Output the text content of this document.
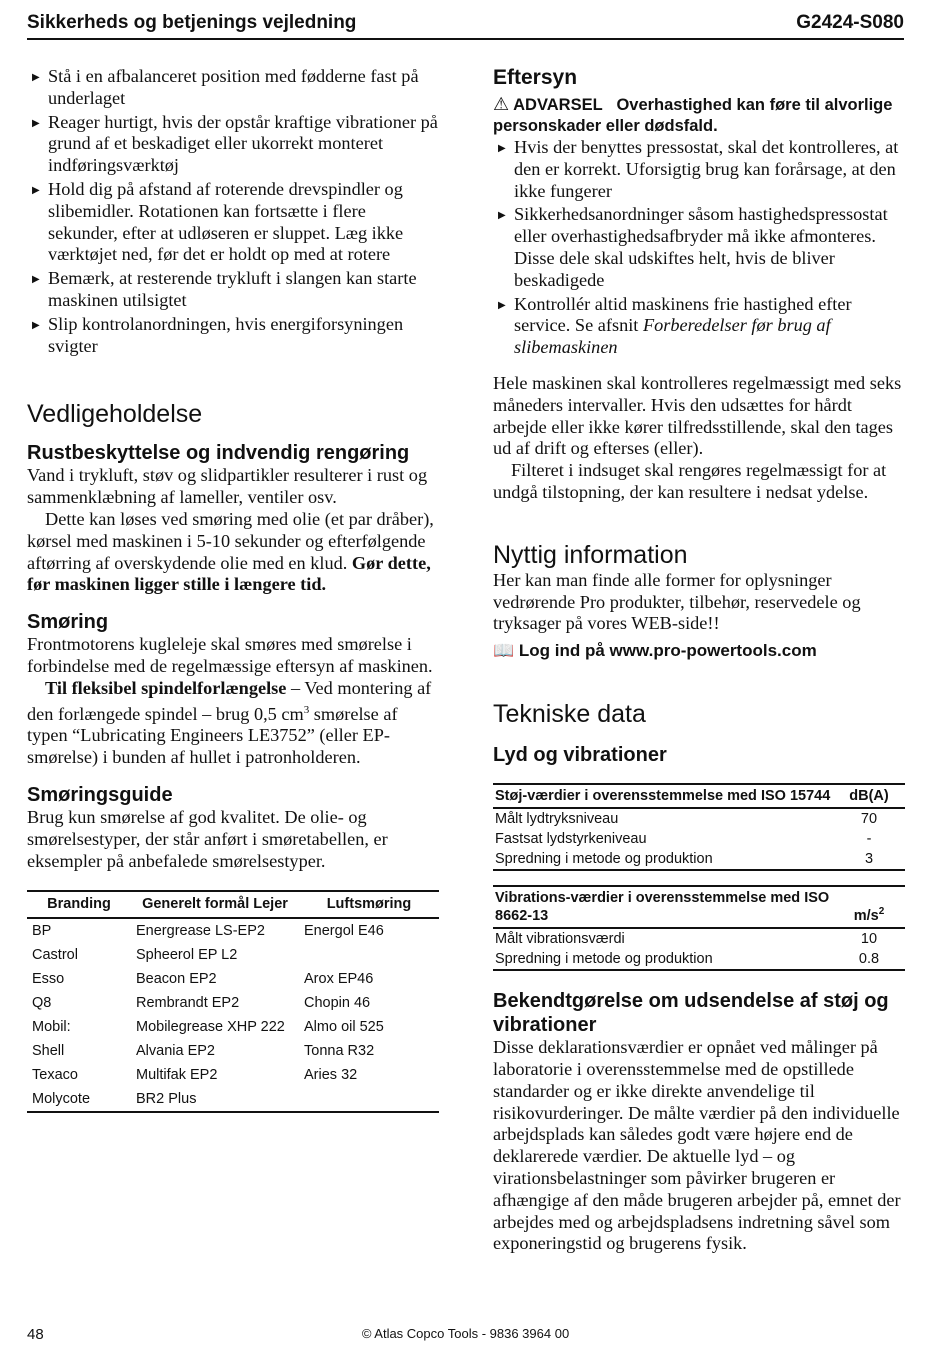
Sikkerheds og betjenings vejledning	G2424-S080
▶ Stå i en afbalanceret position med fødderne fast på underlaget
▶ Reager hurtigt, hvis der opstår kraftige vibrationer på grund af et beskadiget eller ukorrekt monteret indføringsværktøj
▶ Hold dig på afstand af roterende drevspindler og slibemidler. Rotationen kan fortsætte i flere sekunder, efter at udløseren er sluppet. Læg ikke værktøjet ned, før det er holdt op med at rotere
▶ Bemærk, at resterende trykluft i slangen kan starte maskinen utilsigtet
▶ Slip kontrolanordningen, hvis energiforsyningen svigter
Vedligeholdelse
Rustbeskyttelse og indvendig rengøring

Vand i trykluft, støv og slidpartikler resulterer i rust og sammenklæbning af lameller, ventiler osv.

Dette kan løses ved smøring med olie (et par dråber), kørsel med maskinen i 5-10 sekunder og efterfølgende aftørring af overskydende olie med en klud. Gør dette, før maskinen ligger stille i længere tid.

Smøring

Frontmotorens kugleleje skal smøres med smørelse i forbindelse med de regelmæssige eftersyn af maskinen.

Til fleksibel spindelforlængelse – Ved montering af den forlængede spindel – brug 0,5 $cm^3$ smørelse af typen “Lubricating Engineers LE3752” (eller EP-smørelse) i bunden af hullet i patronholderen.

Smøringsguide

Brug kun smørelse af god kvalitet. De olie- og smørelsestyper, der står anført i smøretabellen, er eksempler på anbefalede smørelsestyper.

Branding	Generelt formål Lejer	Luftsmøring
BP	Energrease LS-EP2	Energol E46
Castrol	Spheerol EP L2	
Esso	Beacon EP2	Arox EP46
Q8	Rembrandt EP2	Chopin 46
Mobil:	Mobilegrease XHP 222	Almo oil 525
Shell	Alvania EP2	Tonna R32
Texaco	Multifak EP2	Aries 32
Molycote	BR2 Plus	
Eftersyn

⚠ ADVARSEL Overhastighed kan føre til alvorlige personskader eller dødsfald.

▶ Hvis der benyttes pressostat, skal det kontrolleres, at den er korrekt. Uforsigtig brug kan forårsage, at den ikke fungerer
▶ Sikkerhedsanordninger såsom hastighedspressostat eller overhastighedsafbryder må ikke afmonteres. Disse dele skal udskiftes helt, hvis de bliver beskadigede
▶ Kontrollér altid maskinens frie hastighed efter service. Se afsnit Forberedelser før brug af slibemaskinen

Hele maskinen skal kontrolleres regelmæssigt med seks måneders intervaller. Hvis den udsættes for hårdt arbejde eller ikke kører tilfredsstillende, skal den tages ud af drift og efterses (eller).

Filteret i indsuget skal rengøres regelmæssigt for at undgå tilstopning, der kan resultere i nedsat ydelse.

Nyttig information

Her kan man finde alle former for oplysninger vedrørende Pro produkter, tilbehør, reservedele og tryksager på vores WEB-side!!

📖 Log ind på www.pro-powertools.com

Tekniske data
Lyd og vibrationer
Støj-værdier i overensstemmelse med ISO 15744	dB(A)
Målt lydtryksniveau	70
Fastsat lydstyrkeniveau	-
Spredning i metode og produktion	3
Vibrations-værdier i overensstemmelse med ISO 8662-13	$m/s^2$
Målt vibrationsværdi	10
Spredning i metode og produktion	0.8
Bekendtgørelse om udsendelse af støj og vibrationer

Disse deklarationsværdier er opnået ved målinger på laboratorie i overensstemmelse med de opstillede standarder og er ikke direkte anvendelige til risikovurderinger. De målte værdier på den individuelle arbejdsplads kan således godt være højere end de deklarerede værdier. De aktuelle lyd – og virationsbelastninger som påvirker brugeren er afhængige af den måde brugeren arbejder på, emnet der arbejdes med og arbejdspladsens indretning såvel som exponeringstid og brugerens fysik.

48	© Atlas Copco Tools - 9836 3964 00
